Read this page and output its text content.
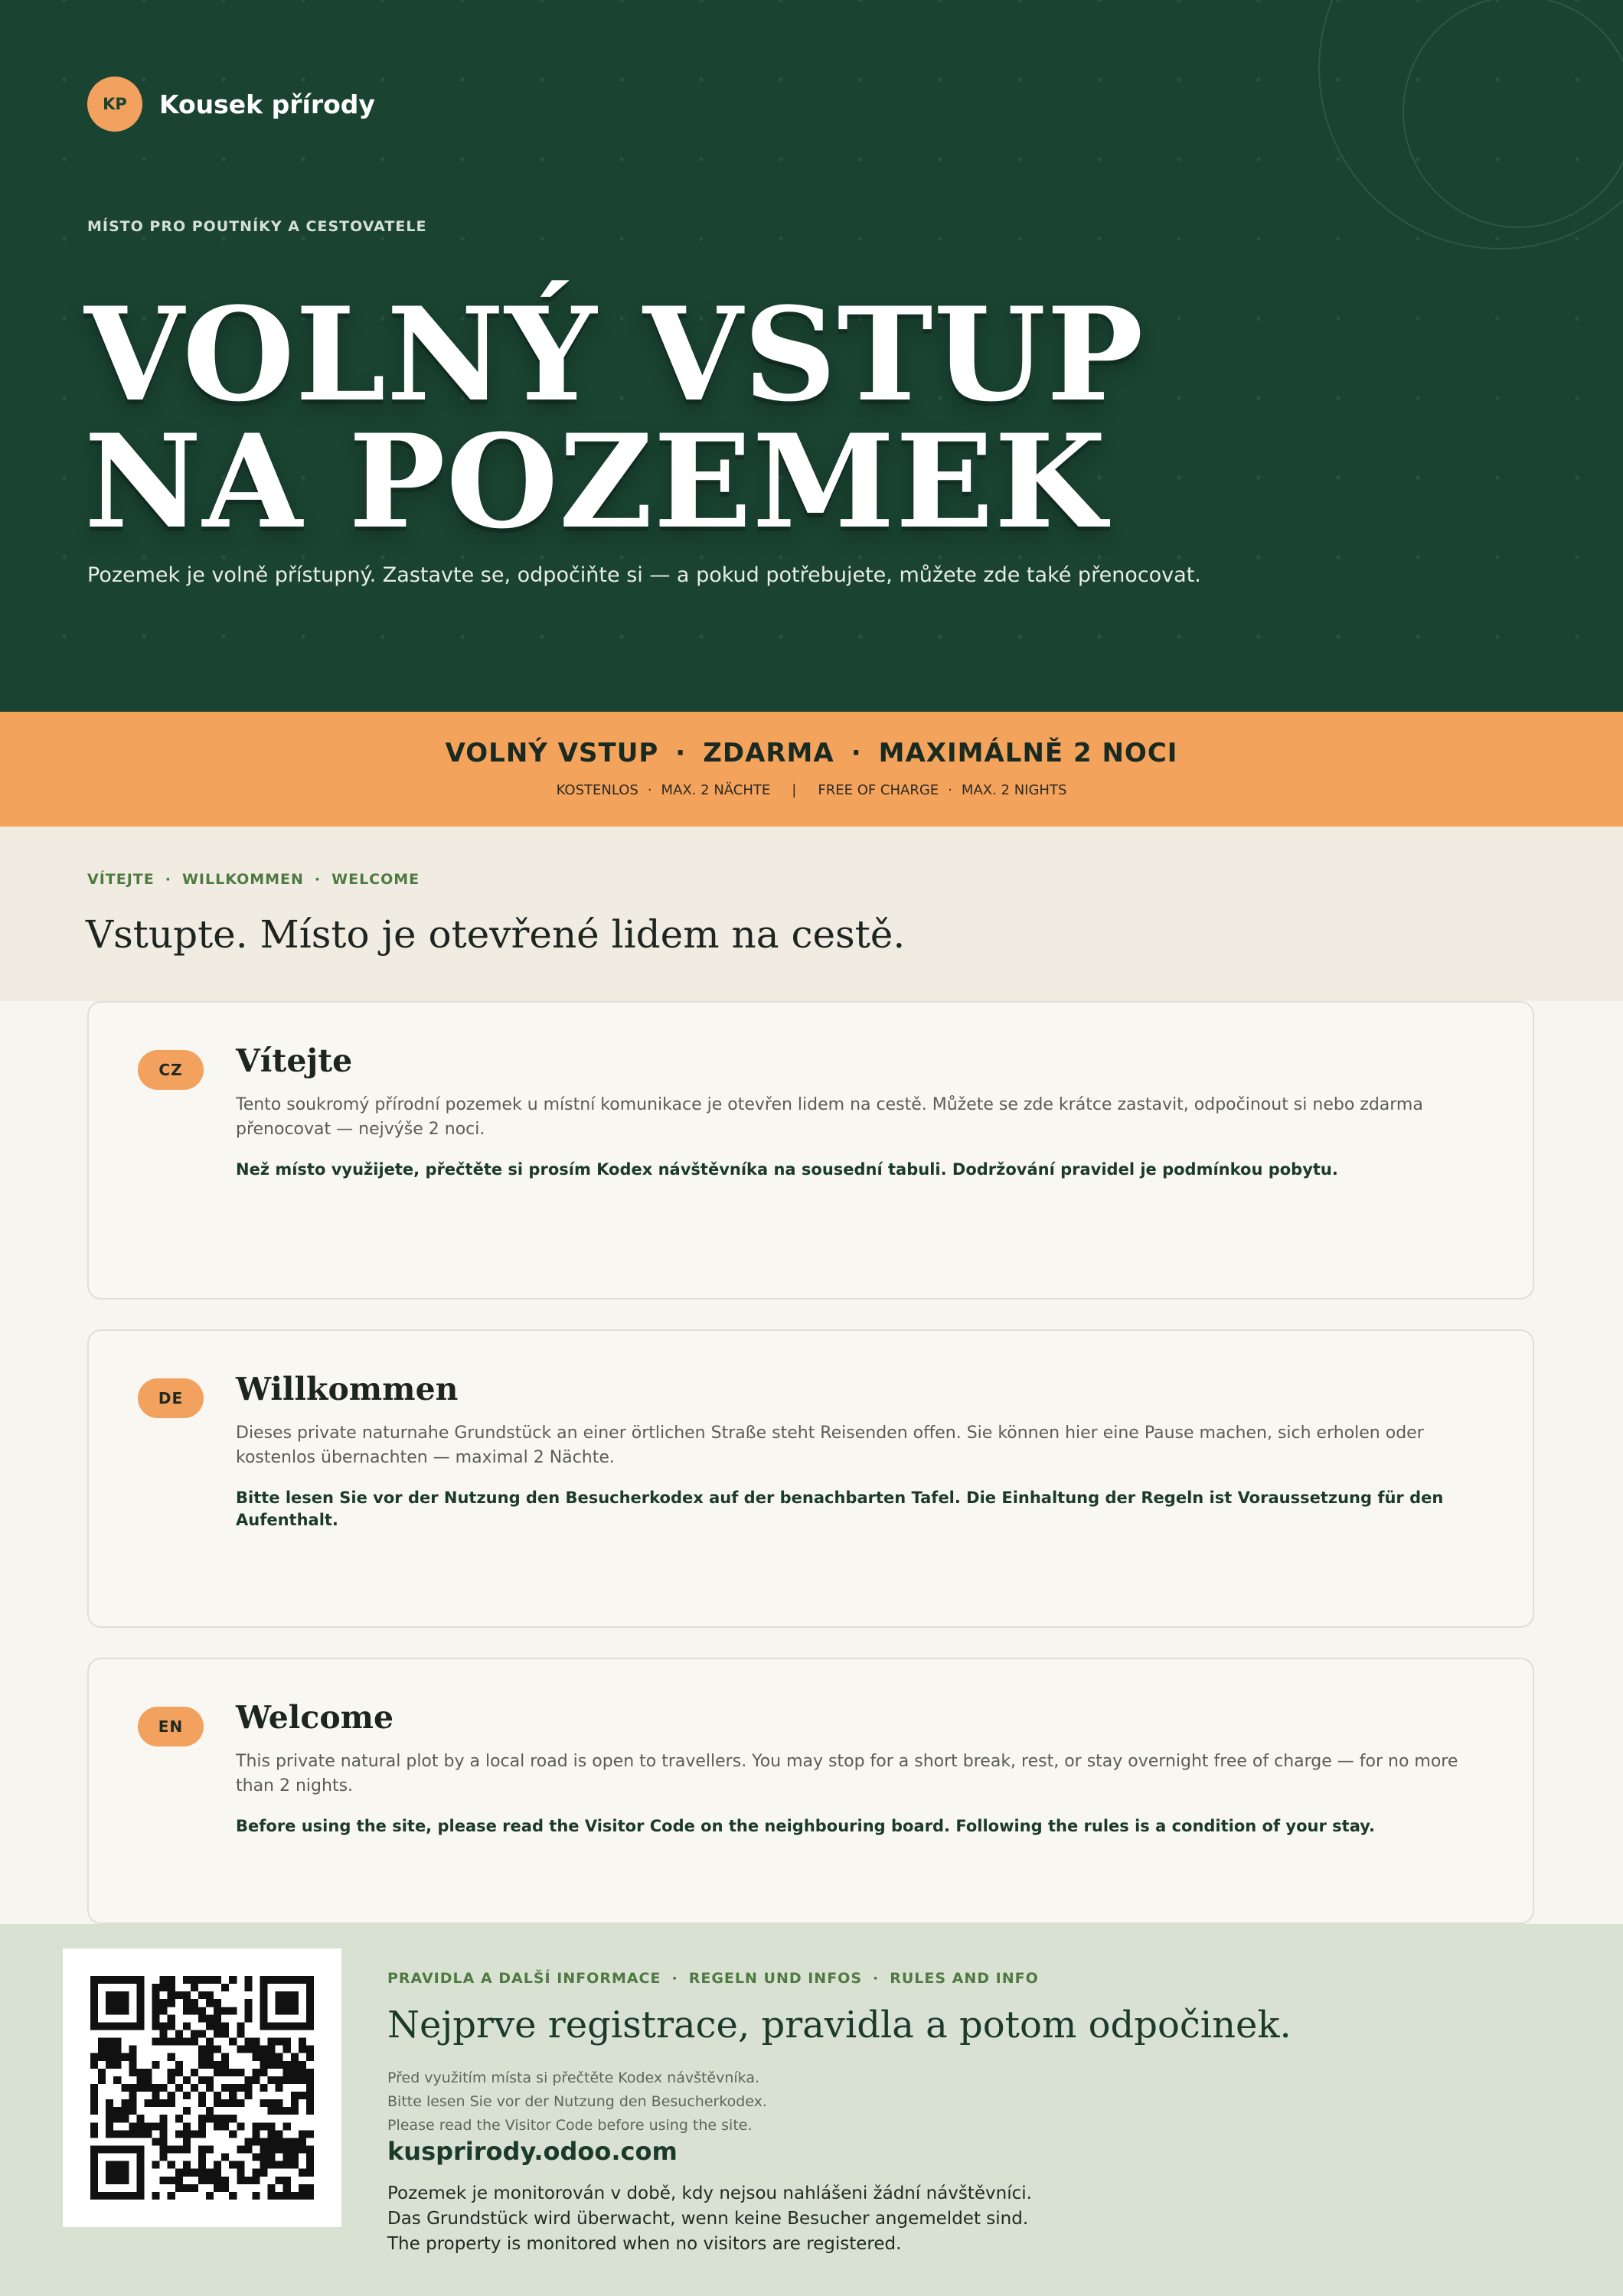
KP	Kousek přírody
MÍSTO PRO POUTNÍKY A CESTOVATELE
VOLNÝ VSTUP
NA POZEMEK
Pozemek je volně přístupný. Zastavte se, odpočiňte si — a pokud potřebujete, můžete zde také přenocovat.
VOLNÝ VSTUP · ZDARMA · MAXIMÁLNĚ 2 NOCI
KOSTENLOS · MAX. 2 NÄCHTE | FREE OF CHARGE · MAX. 2 NIGHTS
VÍTEJTE · WILLKOMMEN · WELCOME
Vstupte. Místo je otevřené lidem na cestě.
CZ	Vítejte
Tento soukromý přírodní pozemek u místní komunikace je otevřen lidem na cestě. Můžete se zde krátce zastavit, odpočinout si nebo zdarma
přenocovat — nejvýše 2 noci.
Než místo využijete, přečtěte si prosím Kodex návštěvníka na sousední tabuli. Dodržování pravidel je podmínkou pobytu.
DE	Willkommen
Dieses private naturnahe Grundstück an einer örtlichen Straße steht Reisenden offen. Sie können hier eine Pause machen, sich erholen oder
kostenlos übernachten — maximal 2 Nächte.
Bitte lesen Sie vor der Nutzung den Besucherkodex auf der benachbarten Tafel. Die Einhaltung der Regeln ist Voraussetzung für den
Aufenthalt.
EN	Welcome
This private natural plot by a local road is open to travellers. You may stop for a short break, rest, or stay overnight free of charge — for no more
than 2 nights.
Before using the site, please read the Visitor Code on the neighbouring board. Following the rules is a condition of your stay.
PRAVIDLA A DALŠÍ INFORMACE · REGELN UND INFOS · RULES AND INFO
Nejprve registrace, pravidla a potom odpočinek.
Před využitím místa si přečtěte Kodex návštěvníka.
Bitte lesen Sie vor der Nutzung den Besucherkodex.
Please read the Visitor Code before using the site.
kusprirody.odoo.com
Pozemek je monitorován v době, kdy nejsou nahlášeni žádní návštěvníci.
Das Grundstück wird überwacht, wenn keine Besucher angemeldet sind.
The property is monitored when no visitors are registered.
